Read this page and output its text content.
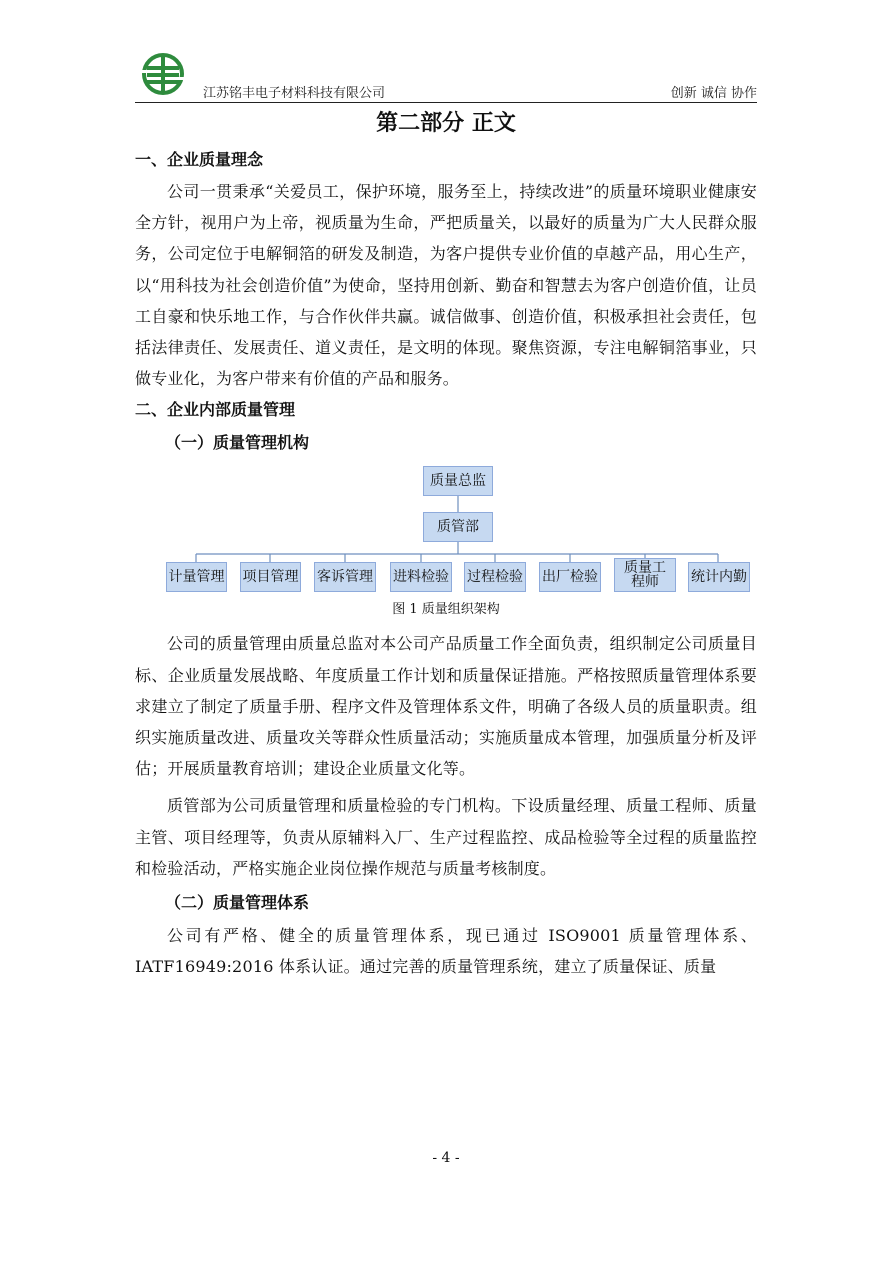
江苏铭丰电子材料科技有限公司	创新 诚信 协作
第二部分 正文
一、企业质量理念

公司一贯秉承“关爱员工，保护环境，服务至上，持续改进”的质量环境职业健康安全方针，视用户为上帝，视质量为生命，严把质量关，以最好的质量为广大人民群众服务，公司定位于电解铜箔的研发及制造，为客户提供专业价值的卓越产品，用心生产，以“用科技为社会创造价值”为使命，坚持用创新、勤奋和智慧去为客户创造价值，让员工自豪和快乐地工作，与合作伙伴共赢。诚信做事、创造价值，积极承担社会责任，包括法律责任、发展责任、道义责任，是文明的体现。聚焦资源，专注电解铜箔事业，只做专业化，为客户带来有价值的产品和服务。

二、企业内部质量管理
（一）质量管理机构
质量总监
质管部
计量管理 项目管理 客诉管理 进料检验 过程检验 出厂检验
质量工程师	统计内勤
图 1 质量组织架构

公司的质量管理由质量总监对本公司产品质量工作全面负责，组织制定公司质量目标、企业质量发展战略、年度质量工作计划和质量保证措施。严格按照质量管理体系要求建立了制定了质量手册、程序文件及管理体系文件，明确了各级人员的质量职责。组织实施质量改进、质量攻关等群众性质量活动；实施质量成本管理，加强质量分析及评估；开展质量教育培训；建设企业质量文化等。

质管部为公司质量管理和质量检验的专门机构。下设质量经理、质量工程师、质量主管、项目经理等，负责从原辅料入厂、生产过程监控、成品检验等全过程的质量监控和检验活动，严格实施企业岗位操作规范与质量考核制度。

（二）质量管理体系

公司有严格、健全的质量管理体系，现已通过 ISO9001 质量管理体系、IATF16949:2016 体系认证。通过完善的质量管理系统，建立了质量保证、质量

- 4 -
